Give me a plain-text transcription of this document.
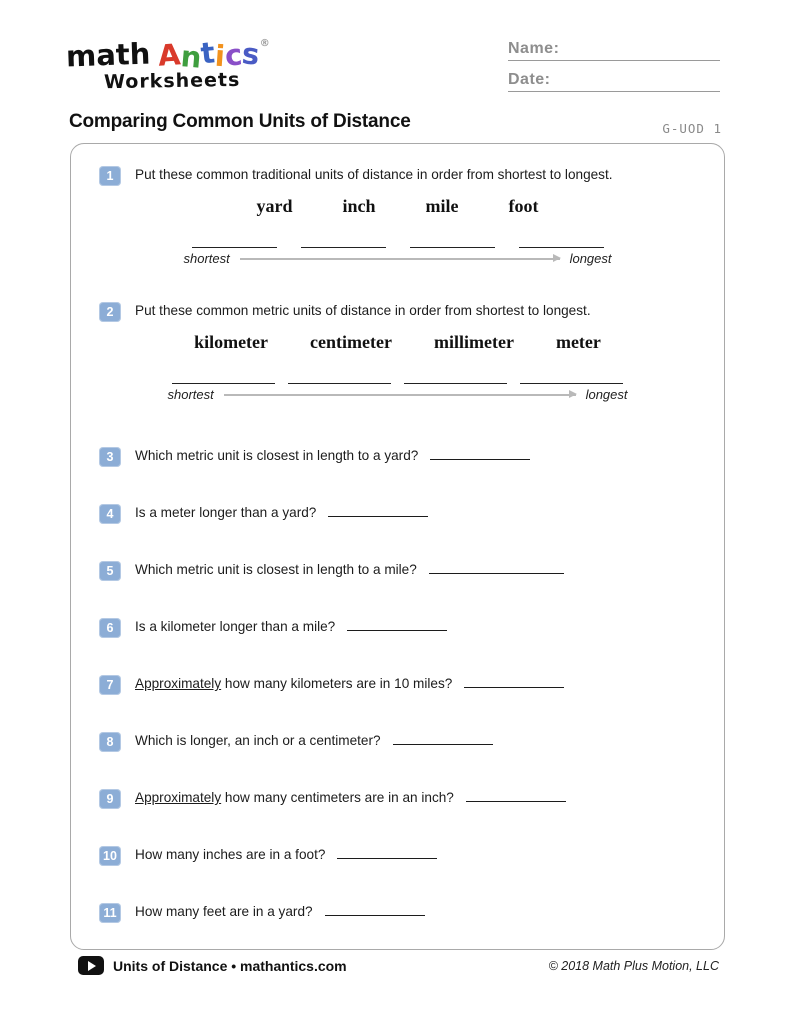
math Antics®
Worksheets
Name:
Date:
Comparing Common Units of Distance	G-UOD 1
1	Put these common traditional units of distance in order from shortest to longest.
yard	inch	mile	foot
shortest	longest
2	Put these common metric units of distance in order from shortest to longest.
kilometer centimeter millimeter meter
shortest	longest
3	Which metric unit is closest in length to a yard?
4	Is a meter longer than a yard?
5	Which metric unit is closest in length to a mile?
6	Is a kilometer longer than a mile?
7	Approximately how many kilometers are in 10 miles?
8	Which is longer, an inch or a centimeter?
9	Approximately how many centimeters are in an inch?
10 How many inches are in a foot?
11	How many feet are in a yard?
Units of Distance • mathantics.com	© 2018 Math Plus Motion, LLC
